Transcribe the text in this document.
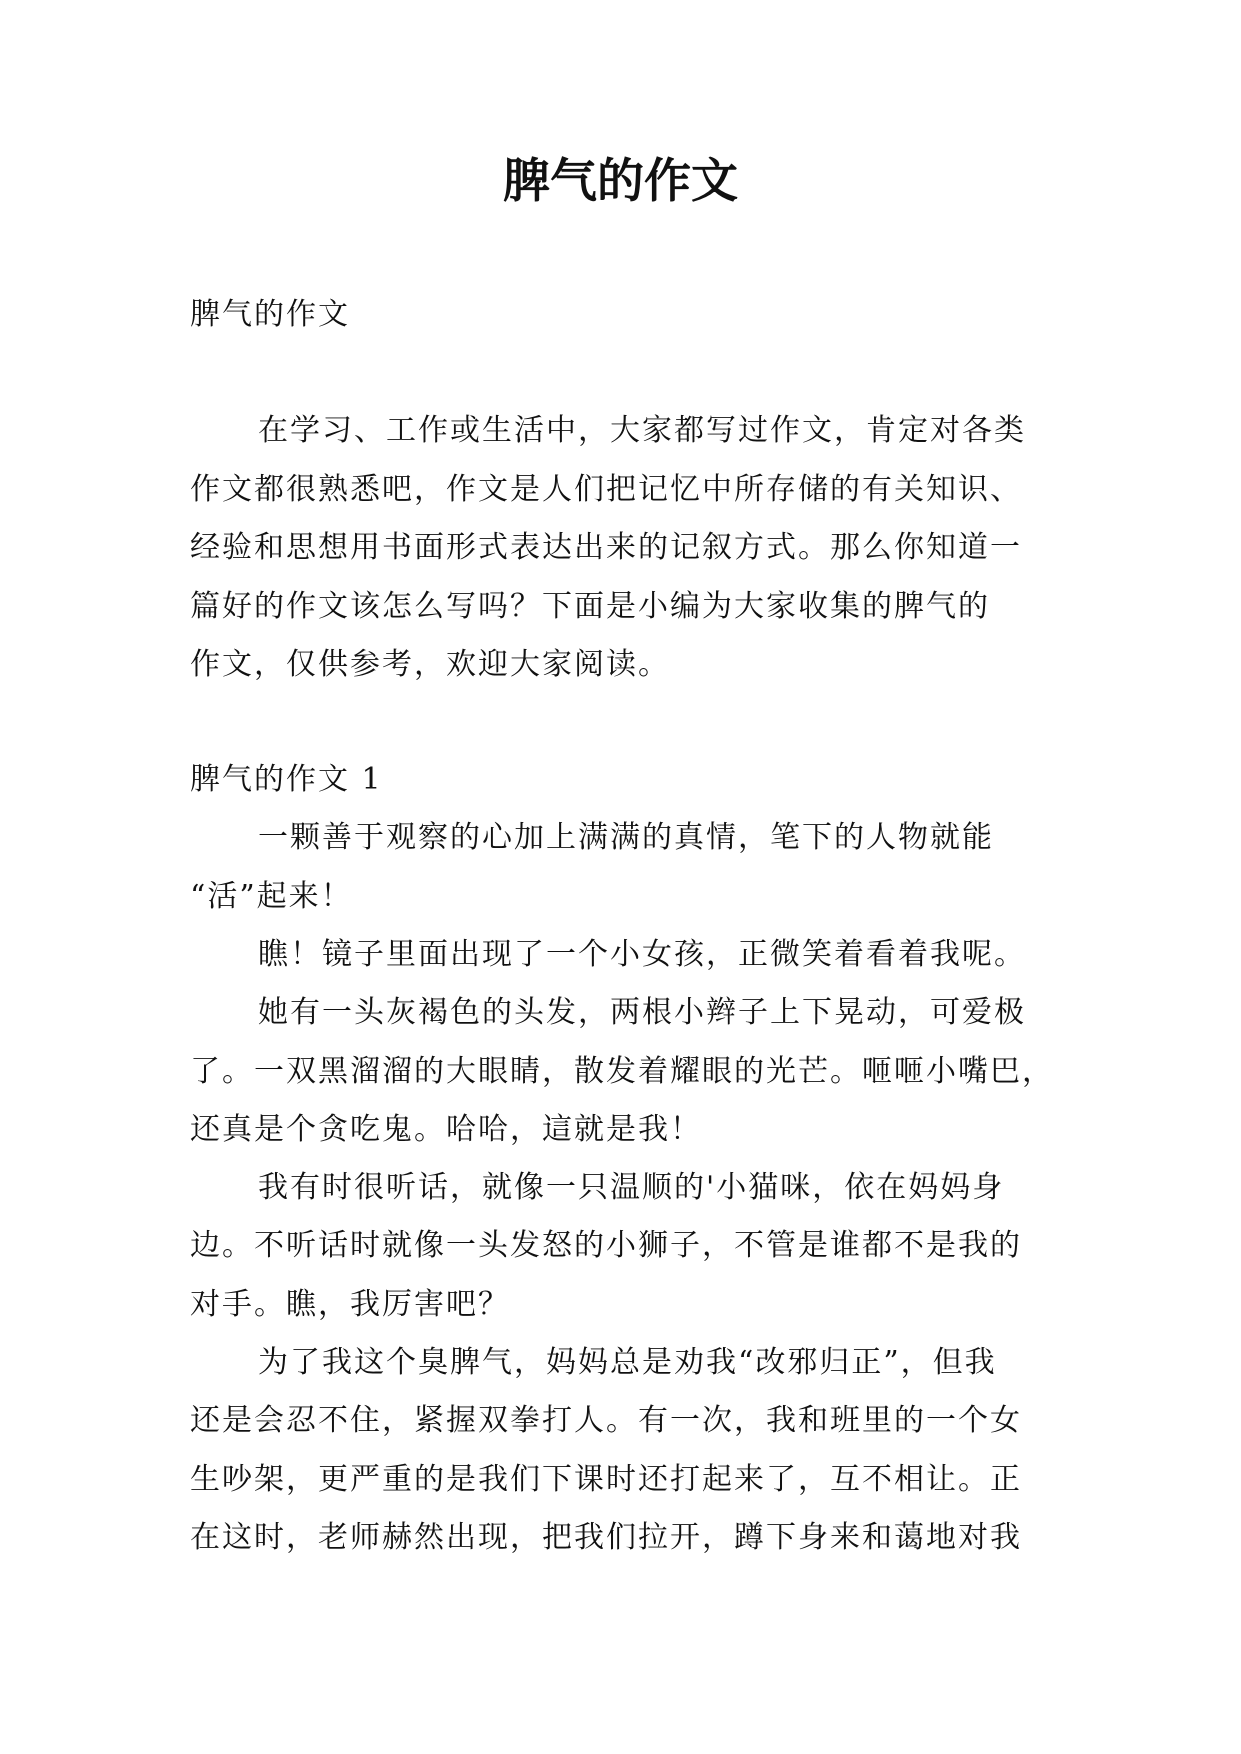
脾气的作文

脾气的作文

在学习、工作或生活中，大家都写过作文，肯定对各类

作文都很熟悉吧，作文是人们把记忆中所存储的有关知识、

经验和思想用书面形式表达出来的记叙方式。那么你知道一

篇好的作文该怎么写吗？下面是小编为大家收集的脾气的

作文，仅供参考，欢迎大家阅读。

脾气的作文 1

一颗善于观察的心加上满满的真情，笔下的人物就能

“活”起来！

瞧！镜子里面出现了一个小女孩，正微笑着看着我呢。

她有一头灰褐色的头发，两根小辫子上下晃动，可爱极

了。一双黑溜溜的大眼睛，散发着耀眼的光芒。咂咂小嘴巴，

还真是个贪吃鬼。哈哈，這就是我！

我有时很听话，就像一只温顺的'小猫咪，依在妈妈身

边。不听话时就像一头发怒的小狮子，不管是谁都不是我的

对手。瞧，我厉害吧？

为了我这个臭脾气，妈妈总是劝我“改邪归正”，但我

还是会忍不住，紧握双拳打人。有一次，我和班里的一个女

生吵架，更严重的是我们下课时还打起来了，互不相让。正

在这时，老师赫然出现，把我们拉开，蹲下身来和蔼地对我
